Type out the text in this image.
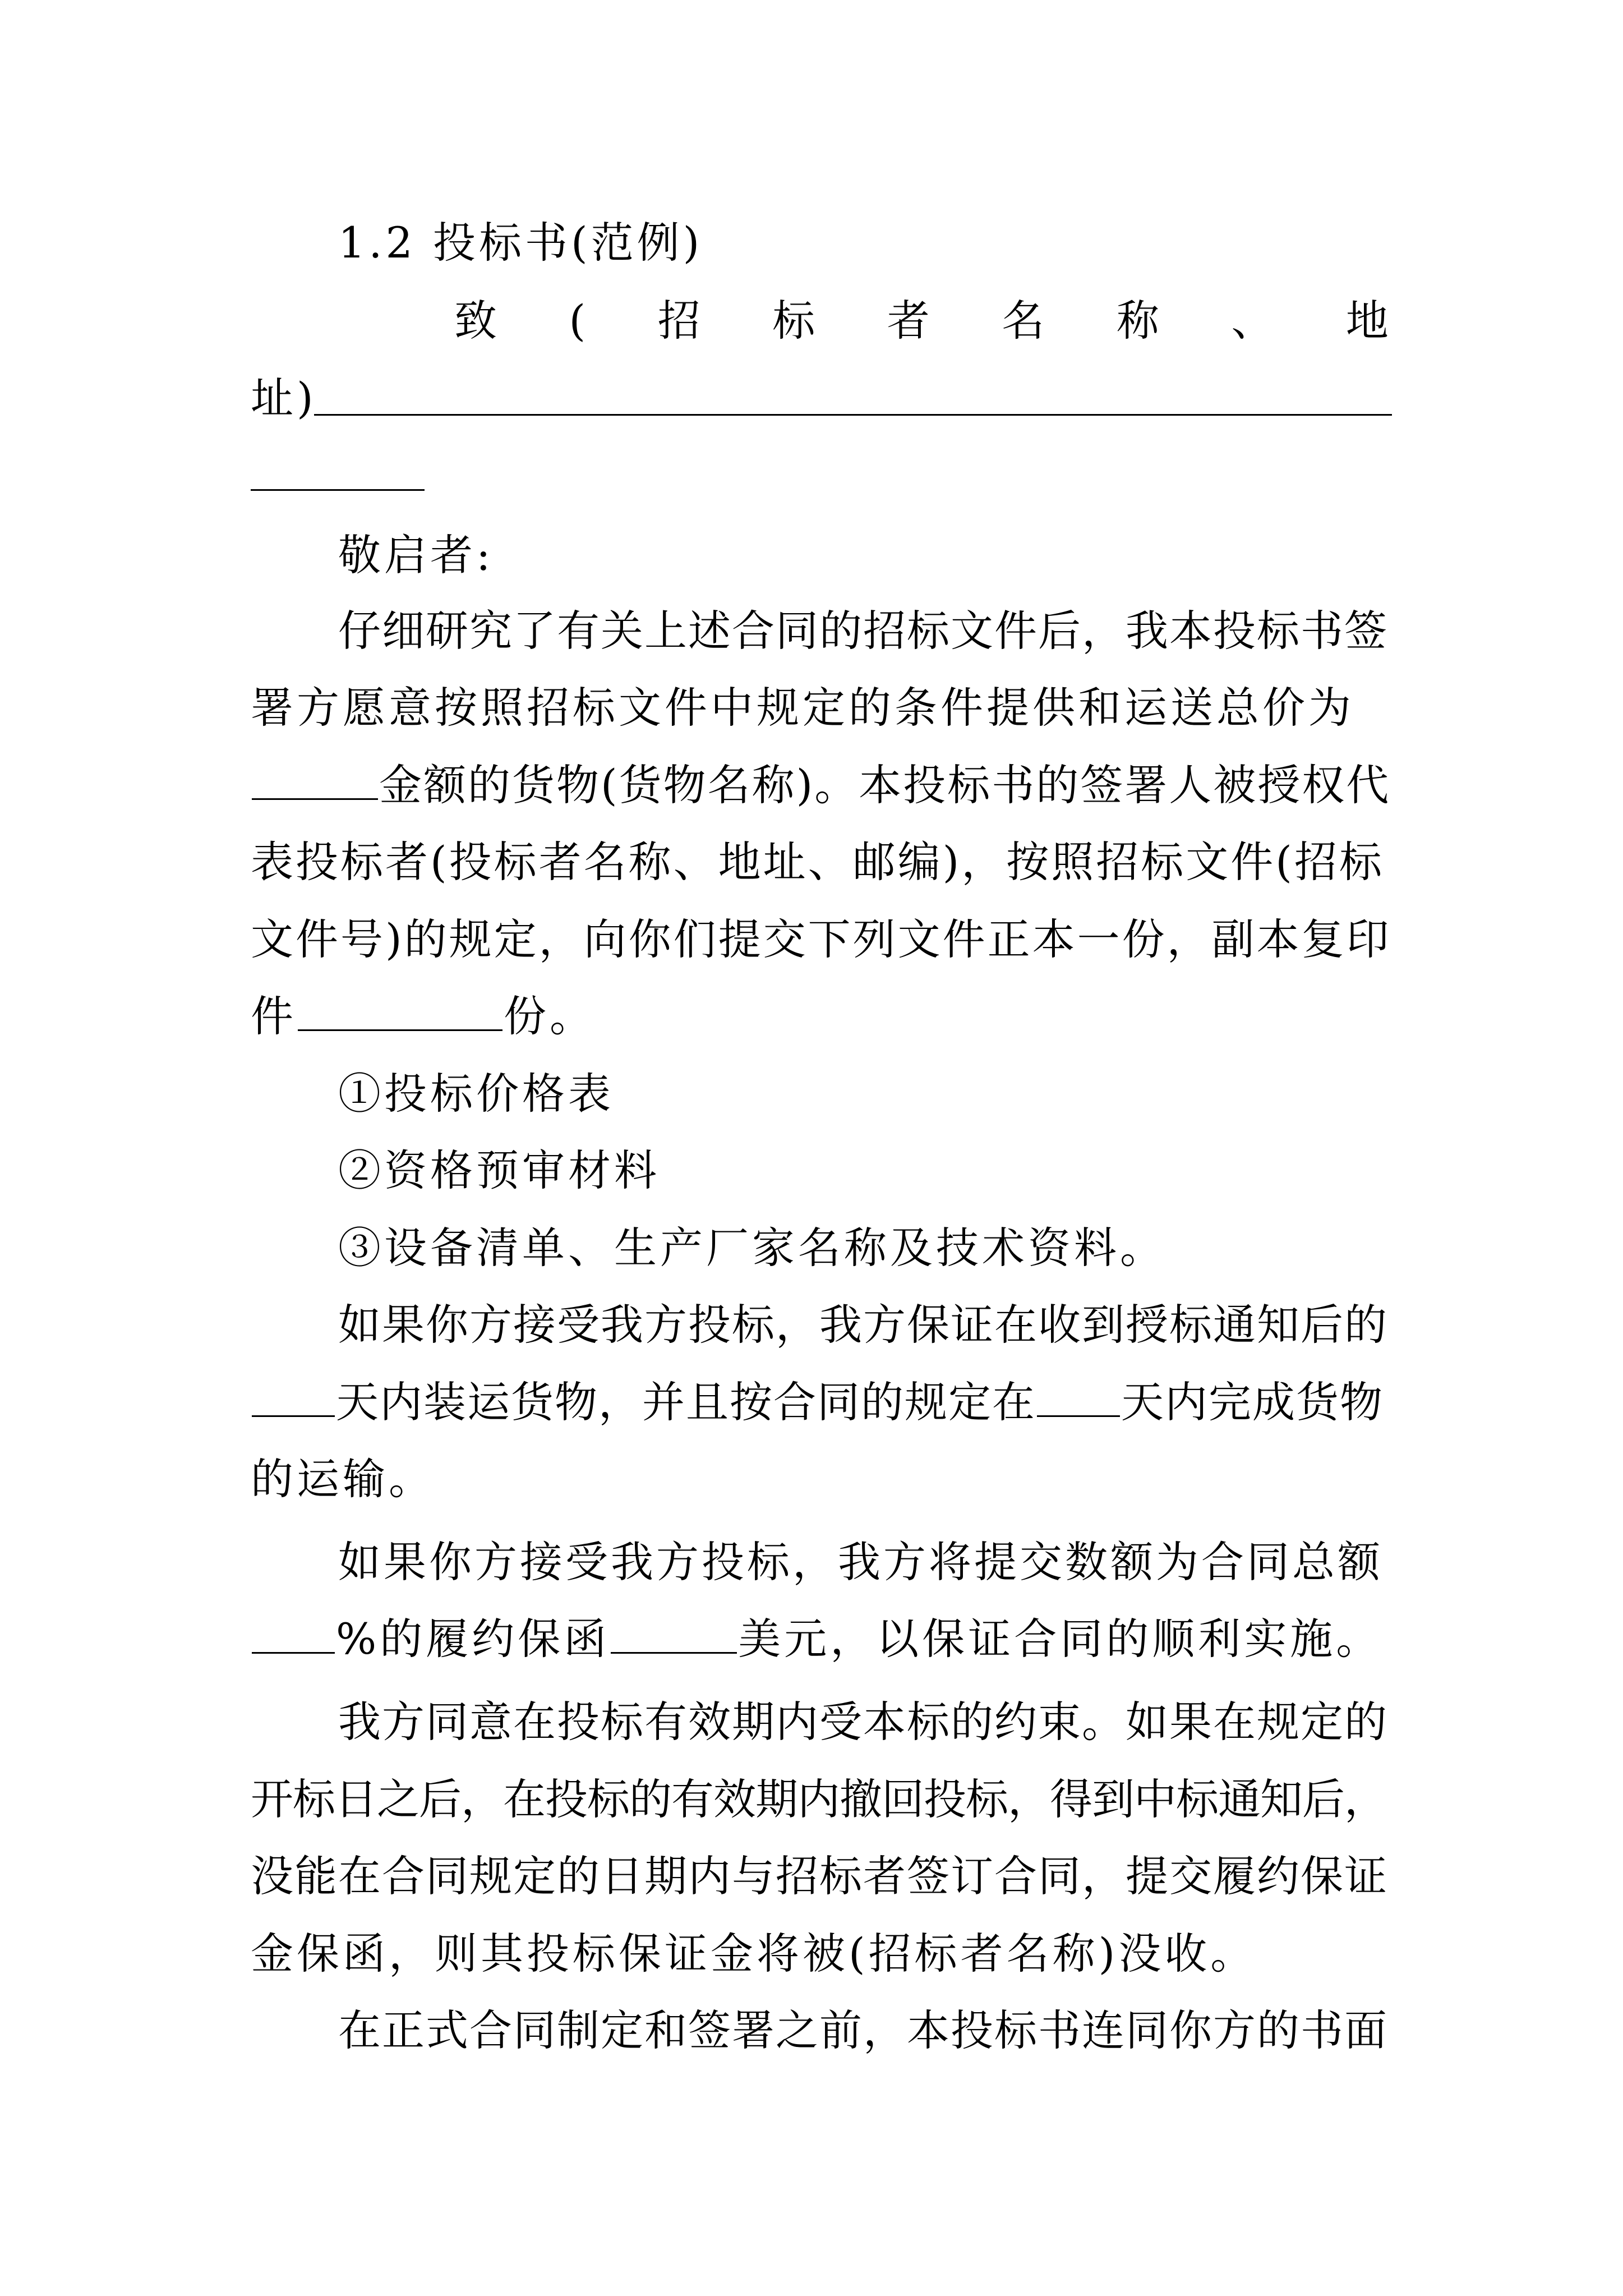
1.2 投标书(范例)
致 ( 招 标 者 名 称 、 地
址)
敬启者:
仔细研究了有关上述合同的招标文件后，我本投标书签
署方愿意按照招标文件中规定的条件提供和运送总价为
金额的货物(货物名称)。本投标书的签署人被授权代
表投标者(投标者名称、地址、邮编)，按照招标文件(招标
文件号)的规定，向你们提交下列文件正本一份，副本复印
件	份。
①投标价格表
②资格预审材料
③设备清单、生产厂家名称及技术资料。
如果你方接受我方投标，我方保证在收到授标通知后的
天内装运货物，并且按合同的规定在 天内完成货物
的运输。
如果你方接受我方投标，我方将提交数额为合同总额
%的履约保函	美元，以保证合同的顺利实施。
我方同意在投标有效期内受本标的约束。如果在规定的
开标日之后，在投标的有效期内撤回投标，得到中标通知后，
没能在合同规定的日期内与招标者签订合同，提交履约保证
金保函，则其投标保证金将被(招标者名称)没收。
在正式合同制定和签署之前，本投标书连同你方的书面
